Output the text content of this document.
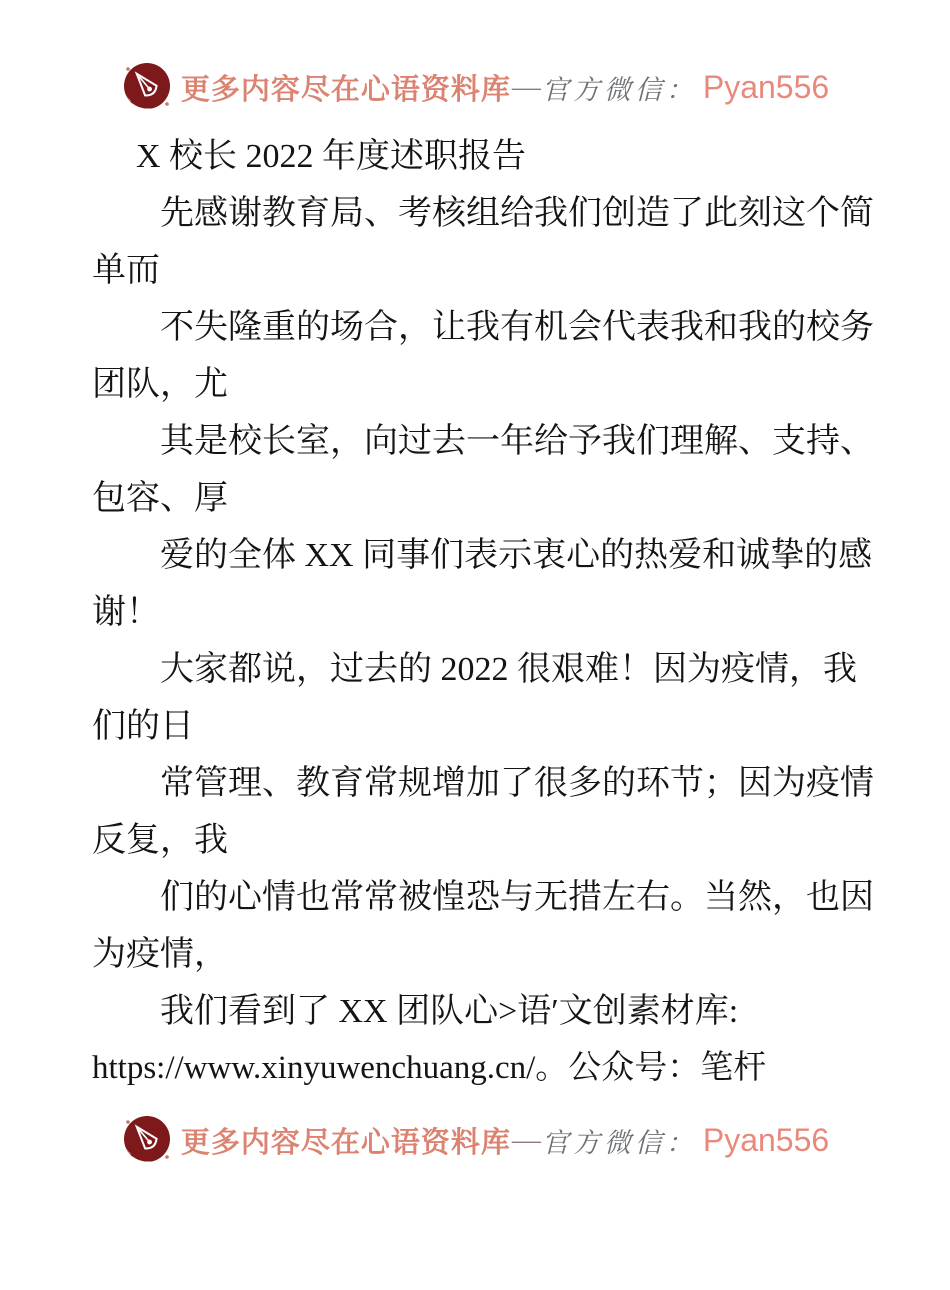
更多内容尽在心语资料库 — 官方微信： Pyan556
X 校长 2022 年度述职报告
先感谢教育局、考核组给我们创造了此刻这个简
单而
不失隆重的场合，让我有机会代表我和我的校务
团队，尤
其是校长室，向过去一年给予我们理解、支持、
包容、厚
爱的全体 XX 同事们表示衷心的热爱和诚挚的感
谢！
大家都说，过去的 2022 很艰难！因为疫情，我
们的日
常管理、教育常规增加了很多的环节；因为疫情
反复，我
们的心情也常常被惶恐与无措左右。当然，也因
为疫情，
我们看到了 XX 团队心>语′文创素材库:
https://www.xinyuwenchuang.cn/。公众号：笔杆
更多内容尽在心语资料库 — 官方微信： Pyan556
